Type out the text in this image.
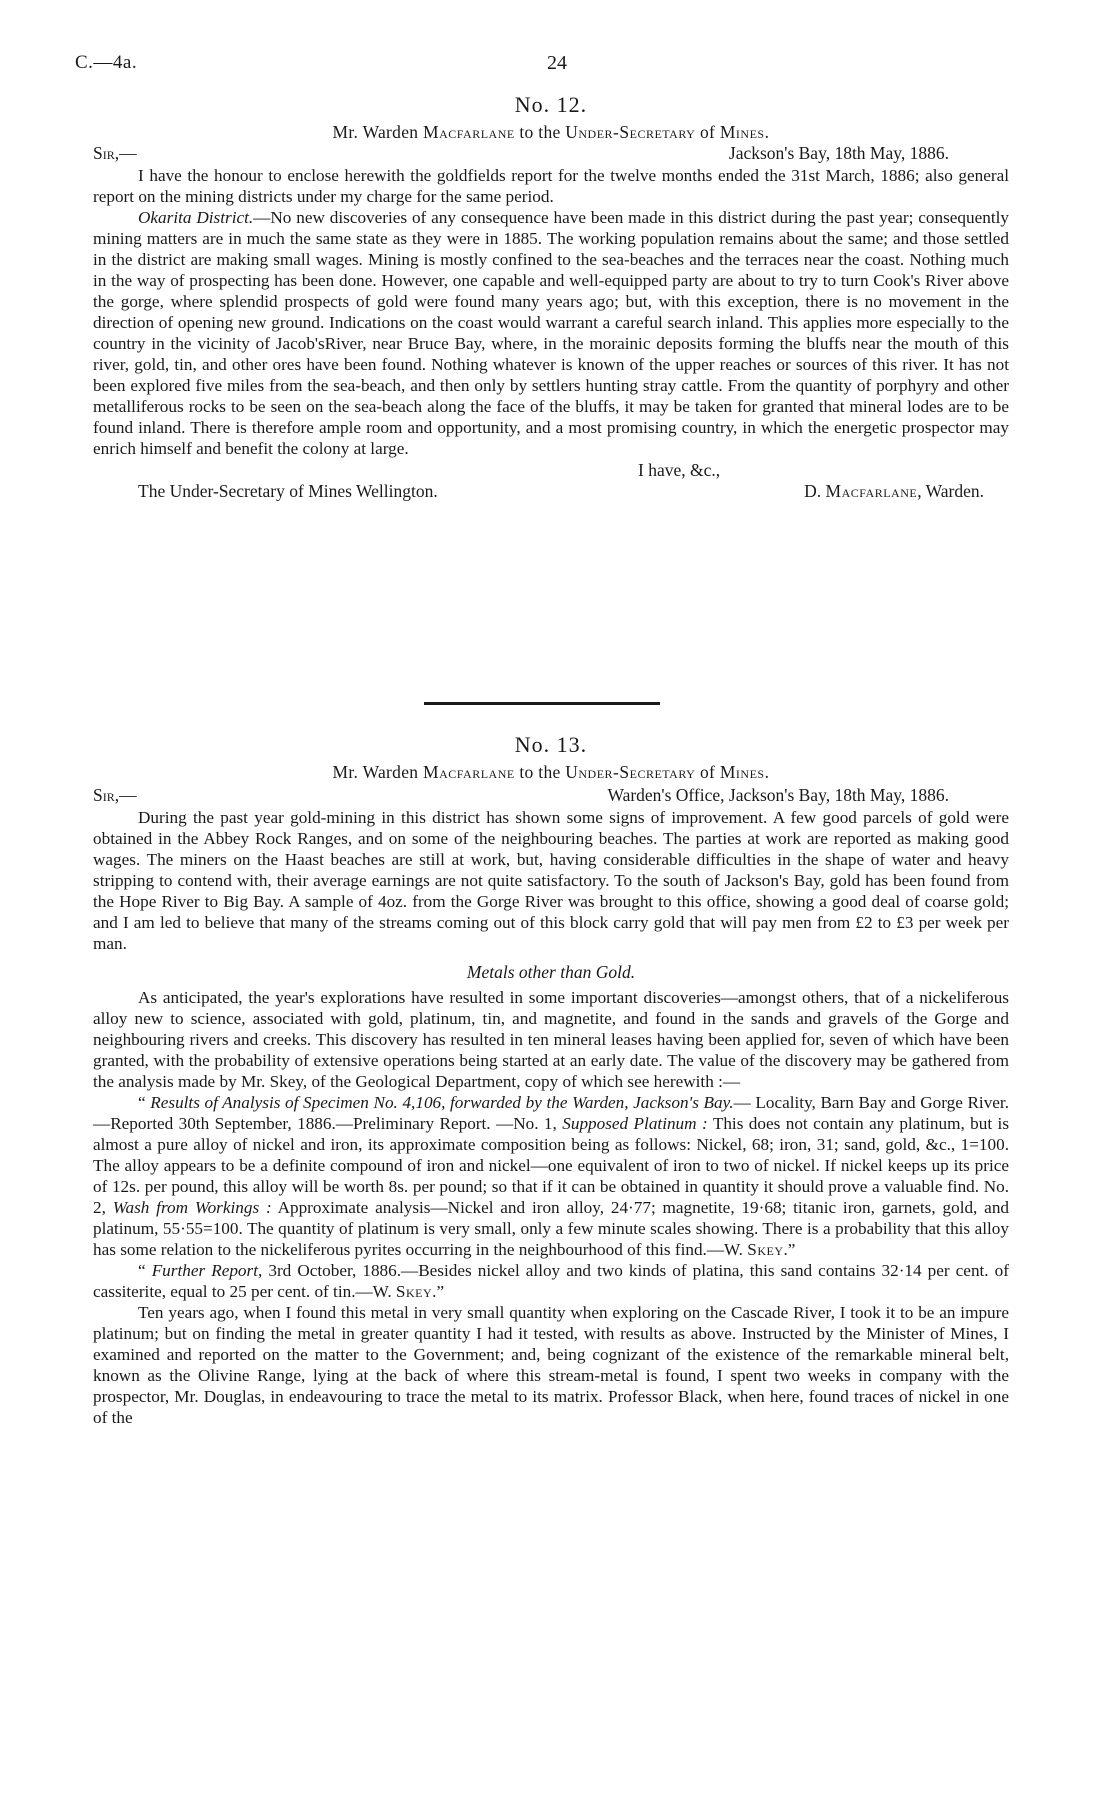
C.—4a.	24
No. 12.
Mr. Warden Macfarlane to the Under-Secretary of Mines.
Sir,—	Jackson's Bay, 18th May, 1886.

I have the honour to enclose herewith the goldfields report for the twelve months ended the 31st March, 1886; also general report on the mining districts under my charge for the same period.

Okarita District.—No new discoveries of any consequence have been made in this district during the past year; consequently mining matters are in much the same state as they were in 1885. The working population remains about the same; and those settled in the district are making small wages. Mining is mostly confined to the sea-beaches and the terraces near the coast. Nothing much in the way of prospecting has been done. However, one capable and well-equipped party are about to try to turn Cook's River above the gorge, where splendid prospects of gold were found many years ago; but, with this exception, there is no movement in the direction of opening new ground. Indications on the coast would warrant a careful search inland. This applies more especially to the country in the vicinity of Jacob'sRiver, near Bruce Bay, where, in the morainic deposits forming the bluffs near the mouth of this river, gold, tin, and other ores have been found. Nothing whatever is known of the upper reaches or sources of this river. It has not been explored five miles from the sea-beach, and then only by settlers hunting stray cattle. From the quantity of porphyry and other metalliferous rocks to be seen on the sea-beach along the face of the bluffs, it may be taken for granted that mineral lodes are to be found inland. There is therefore ample room and opportunity, and a most promising country, in which the energetic prospector may enrich himself and benefit the colony at large.

I have, &c.,
The Under-Secretary of Mines Wellington.	D. Macfarlane, Warden.
No. 13.
Mr. Warden Macfarlane to the Under-Secretary of Mines.
Sir,—	Warden's Office, Jackson's Bay, 18th May, 1886.

During the past year gold-mining in this district has shown some signs of improvement. A few good parcels of gold were obtained in the Abbey Rock Ranges, and on some of the neighbouring beaches. The parties at work are reported as making good wages. The miners on the Haast beaches are still at work, but, having considerable difficulties in the shape of water and heavy stripping to contend with, their average earnings are not quite satisfactory. To the south of Jackson's Bay, gold has been found from the Hope River to Big Bay. A sample of 4oz. from the Gorge River was brought to this office, showing a good deal of coarse gold; and I am led to believe that many of the streams coming out of this block carry gold that will pay men from £2 to £3 per week per man.

Metals other than Gold.

As anticipated, the year's explorations have resulted in some important discoveries—amongst others, that of a nickeliferous alloy new to science, associated with gold, platinum, tin, and magnetite, and found in the sands and gravels of the Gorge and neighbouring rivers and creeks. This discovery has resulted in ten mineral leases having been applied for, seven of which have been granted, with the probability of extensive operations being started at an early date. The value of the discovery may be gathered from the analysis made by Mr. Skey, of the Geological Department, copy of which see herewith :—

“ Results of Analysis of Specimen No. 4,106, forwarded by the Warden, Jackson's Bay.— Locality, Barn Bay and Gorge River.—Reported 30th September, 1886.—Preliminary Report. —No. 1, Supposed Platinum : This does not contain any platinum, but is almost a pure alloy of nickel and iron, its approximate composition being as follows: Nickel, 68; iron, 31; sand, gold, &c., 1=100. The alloy appears to be a definite compound of iron and nickel—one equivalent of iron to two of nickel. If nickel keeps up its price of 12s. per pound, this alloy will be worth 8s. per pound; so that if it can be obtained in quantity it should prove a valuable find. No. 2, Wash from Workings : Approximate analysis—Nickel and iron alloy, 24·77; magnetite, 19·68; titanic iron, garnets, gold, and platinum, 55·55=100. The quantity of platinum is very small, only a few minute scales showing. There is a probability that this alloy has some relation to the nickeliferous pyrites occurring in the neighbourhood of this find.—W. Skey.”

“ Further Report, 3rd October, 1886.—Besides nickel alloy and two kinds of platina, this sand contains 32·14 per cent. of cassiterite, equal to 25 per cent. of tin.—W. Skey.”

Ten years ago, when I found this metal in very small quantity when exploring on the Cascade River, I took it to be an impure platinum; but on finding the metal in greater quantity I had it tested, with results as above. Instructed by the Minister of Mines, I examined and reported on the matter to the Government; and, being cognizant of the existence of the remarkable mineral belt, known as the Olivine Range, lying at the back of where this stream-metal is found, I spent two weeks in company with the prospector, Mr. Douglas, in endeavouring to trace the metal to its matrix. Professor Black, when here, found traces of nickel in one of the
